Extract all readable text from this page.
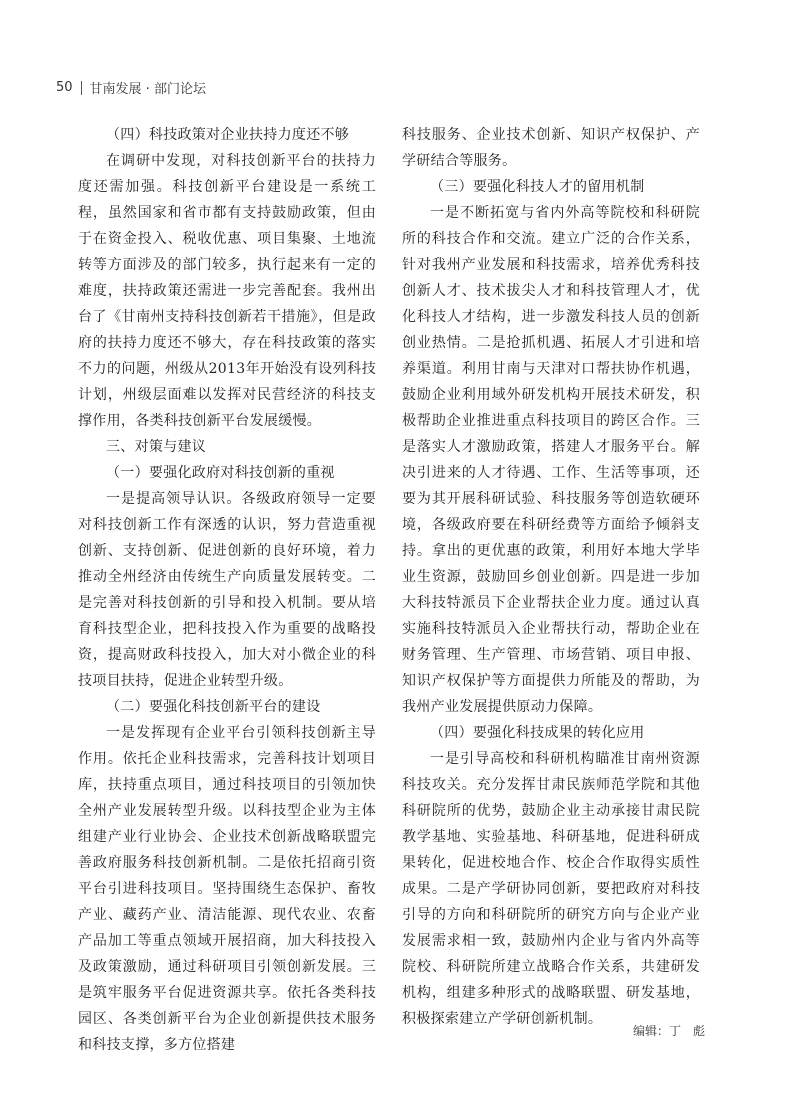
50 甘南发展 · 部门论坛
（四）科技政策对企业扶持力度还不够

在调研中发现，对科技创新平台的扶持力度还需加强。科技创新平台建设是一系统工程，虽然国家和省市都有支持鼓励政策，但由于在资金投入、税收优惠、项目集聚、土地流转等方面涉及的部门较多，执行起来有一定的难度，扶持政策还需进一步完善配套。我州出台了《甘南州支持科技创新若干措施》，但是政府的扶持力度还不够大，存在科技政策的落实不力的问题，州级从2013年开始没有设列科技计划，州级层面难以发挥对民营经济的科技支撑作用，各类科技创新平台发展缓慢。

三、对策与建议
（一）要强化政府对科技创新的重视

一是提高领导认识。各级政府领导一定要对科技创新工作有深透的认识，努力营造重视创新、支持创新、促进创新的良好环境，着力推动全州经济由传统生产向质量发展转变。二是完善对科技创新的引导和投入机制。要从培育科技型企业，把科技投入作为重要的战略投资，提高财政科技投入，加大对小微企业的科技项目扶持，促进企业转型升级。

（二）要强化科技创新平台的建设

一是发挥现有企业平台引领科技创新主导作用。依托企业科技需求，完善科技计划项目库，扶持重点项目，通过科技项目的引领加快全州产业发展转型升级。以科技型企业为主体组建产业行业协会、企业技术创新战略联盟完善政府服务科技创新机制。二是依托招商引资平台引进科技项目。坚持围绕生态保护、畜牧产业、藏药产业、清洁能源、现代农业、农畜产品加工等重点领域开展招商，加大科技投入及政策激励，通过科研项目引领创新发展。三是筑牢服务平台促进资源共享。依托各类科技园区、各类创新平台为企业创新提供技术服务和科技支撑，多方位搭建

科技服务、企业技术创新、知识产权保护、产学研结合等服务。

（三）要强化科技人才的留用机制

一是不断拓宽与省内外高等院校和科研院所的科技合作和交流。建立广泛的合作关系，针对我州产业发展和科技需求，培养优秀科技创新人才、技术拔尖人才和科技管理人才，优化科技人才结构，进一步激发科技人员的创新创业热情。二是抢抓机遇、拓展人才引进和培养渠道。利用甘南与天津对口帮扶协作机遇，鼓励企业利用域外研发机构开展技术研发，积极帮助企业推进重点科技项目的跨区合作。三是落实人才激励政策，搭建人才服务平台。解决引进来的人才待遇、工作、生活等事项，还要为其开展科研试验、科技服务等创造软硬环境，各级政府要在科研经费等方面给予倾斜支持。拿出的更优惠的政策，利用好本地大学毕业生资源，鼓励回乡创业创新。四是进一步加大科技特派员下企业帮扶企业力度。通过认真实施科技特派员入企业帮扶行动，帮助企业在财务管理、生产管理、市场营销、项目申报、知识产权保护等方面提供力所能及的帮助，为我州产业发展提供原动力保障。

（四）要强化科技成果的转化应用

一是引导高校和科研机构瞄准甘南州资源科技攻关。充分发挥甘肃民族师范学院和其他科研院所的优势，鼓励企业主动承接甘肃民院教学基地、实验基地、科研基地，促进科研成果转化，促进校地合作、校企合作取得实质性成果。二是产学研协同创新，要把政府对科技引导的方向和科研院所的研究方向与企业产业发展需求相一致，鼓励州内企业与省内外高等院校、科研院所建立战略合作关系，共建研发机构，组建多种形式的战略联盟、研发基地，积极探索建立产学研创新机制。

编辑：丁　彪
